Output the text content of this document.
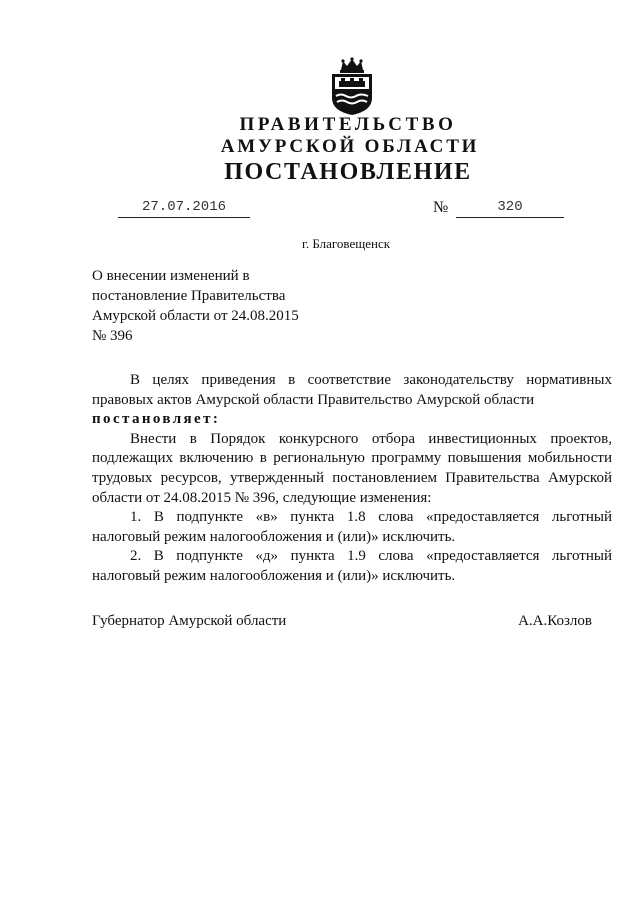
ПРАВИТЕЛЬСТВО
АМУРСКОЙ ОБЛАСТИ
ПОСТАНОВЛЕНИЕ
27.07.2016	№	320
г. Благовещенск
О внесении изменений в
постановление Правительства
Амурской области от 24.08.2015
№ 396
В целях приведения в соответствие законодательству нормативных правовых актов Амурской области Правительство Амурской области
постановляет:
Внести в Порядок конкурсного отбора инвестиционных проектов, подлежащих включению в региональную программу повышения мобильности трудовых ресурсов, утвержденный постановлением Правительства Амурской области от 24.08.2015 № 396, следующие изменения:
1. В подпункте «в» пункта 1.8 слова «предоставляется льготный налоговый режим налогообложения и (или)» исключить.
2. В подпункте «д» пункта 1.9 слова «предоставляется льготный налоговый режим налогообложения и (или)» исключить.
Губернатор Амурской области	А.А.Козлов
